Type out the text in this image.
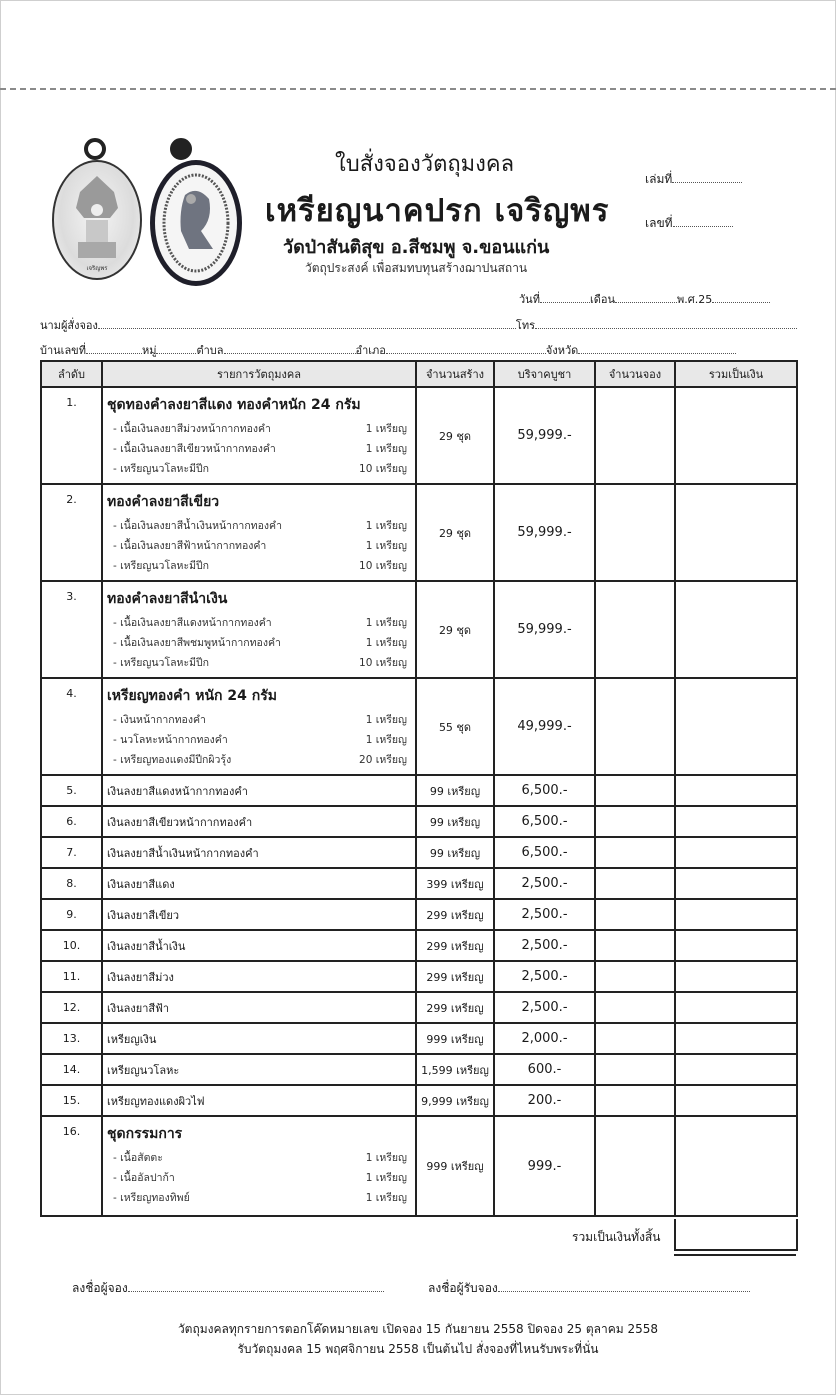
เจริญพร
ใบสั่งจองวัตถุมงคล
เหรียญนาคปรก เจริญพร
วัดป่าสันติสุข อ.สีชมพู จ.ขอนแก่น
วัตถุประสงค์ เพื่อสมทบทุนสร้างฌาปนสถาน
เล่มที่
เลขที่
วันที่	เดือน	พ.ศ.25
นามผู้สั่งจอง	โทร
บ้านเลขที่	หมู่	ตำบล	อำเภอ	จังหวัด
ลำดับ	รายการวัตถุมงคล	จำนวนสร้าง	บริจาคบูชา	จำนวนจอง	รวมเป็นเงิน
1.	ชุดทองคำลงยาสีแดง ทองคำหนัก 24 กรัม
- เนื้อเงินลงยาสีม่วงหน้ากากทองคำ	1 เหรียญ
- เนื้อเงินลงยาสีเขียวหน้ากากทองคำ	1 เหรียญ
- เหรียญนวโลหะมีปีก	10 เหรียญ
	29 ชุด	59,999.-		
2.	ทองคำลงยาสีเขียว
- เนื้อเงินลงยาสีน้ำเงินหน้ากากทองคำ	1 เหรียญ
- เนื้อเงินลงยาสีฟ้าหน้ากากทองคำ	1 เหรียญ
- เหรียญนวโลหะมีปีก	10 เหรียญ
	29 ชุด	59,999.-		
3.	ทองคำลงยาสีนำเงิน
- เนื้อเงินลงยาสีแดงหน้ากากทองคำ	1 เหรียญ
- เนื้อเงินลงยาสีพชมพูหน้ากากทองคำ	1 เหรียญ
- เหรียญนวโลหะมีปีก	10 เหรียญ
	29 ชุด	59,999.-		
4.	เหรียญทองคำ หนัก 24 กรัม
- เงินหน้ากากทองคำ	1 เหรียญ
- นวโลหะหน้ากากทองคำ	1 เหรียญ
- เหรียญทองแดงมีปีกผิวรุ้ง	20 เหรียญ
	55 ชุด	49,999.-		
5.	เงินลงยาสีแดงหน้ากากทองคำ	99 เหรียญ	6,500.-		
6.	เงินลงยาสีเขียวหน้ากากทองคำ	99 เหรียญ	6,500.-		
7.	เงินลงยาสีน้ำเงินหน้ากากทองคำ	99 เหรียญ	6,500.-		
8.	เงินลงยาสีแดง	399 เหรียญ	2,500.-		
9.	เงินลงยาสีเขียว	299 เหรียญ	2,500.-		
10.	เงินลงยาสีน้ำเงิน	299 เหรียญ	2,500.-		
11.	เงินลงยาสีม่วง	299 เหรียญ	2,500.-		
12.	เงินลงยาสีฟ้า	299 เหรียญ	2,500.-		
13.	เหรียญเงิน	999 เหรียญ	2,000.-		
14.	เหรียญนวโลหะ	1,599 เหรียญ	600.-		
15.	เหรียญทองแดงผิวไฟ	9,999 เหรียญ	200.-		
16.	ชุดกรรมการ
- เนื้อสัตตะ	1 เหรียญ
- เนื้ออัลปาก้า	1 เหรียญ
- เหรียญทองทิพย์	1 เหรียญ
	999 เหรียญ	999.-		
รวมเป็นเงินทั้งสิ้น
ลงชื่อผู้จอง	ลงชื่อผู้รับจอง
วัตถุมงคลทุกรายการตอกโค๊ดหมายเลข เปิดจอง 15 กันยายน 2558 ปิดจอง 25 ตุลาคม 2558
รับวัตถุมงคล 15 พฤศจิกายน 2558 เป็นต้นไป สั่งจองที่ไหนรับพระที่นั่น
